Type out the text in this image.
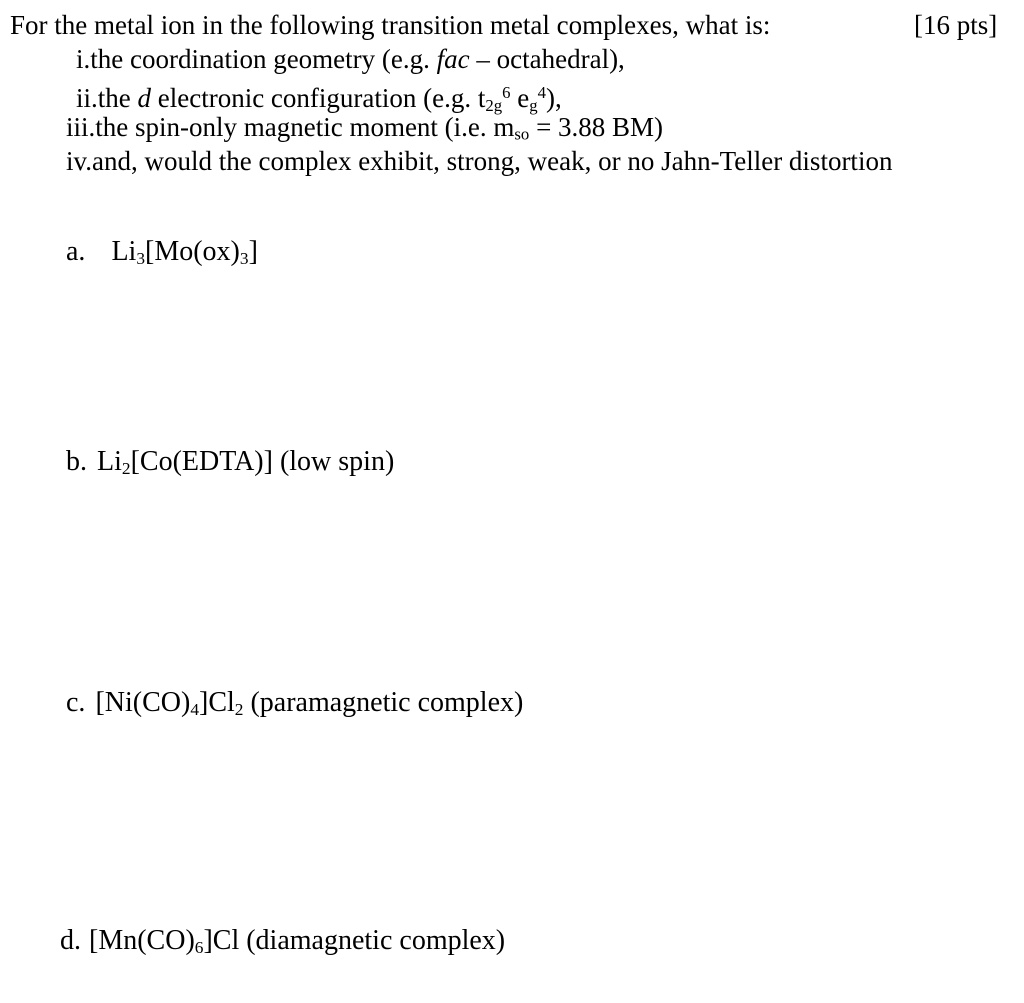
For the metal ion in the following transition metal complexes, what is:	[16 pts]
i.the coordination geometry (e.g. fac – octahedral),
ii.the d electronic configuration (e.g. $t2g^6$ $eg^4$),
iii.the spin-only magnetic moment (i.e. mso = 3.88 BM)
iv.and, would the complex exhibit, strong, weak, or no Jahn-Teller distortion
a. Li3[Mo(ox)3]
b. Li2[Co(EDTA)] (low spin)
c. [Ni(CO)4]Cl2 (paramagnetic complex)
d. [Mn(CO)6]Cl (diamagnetic complex)
